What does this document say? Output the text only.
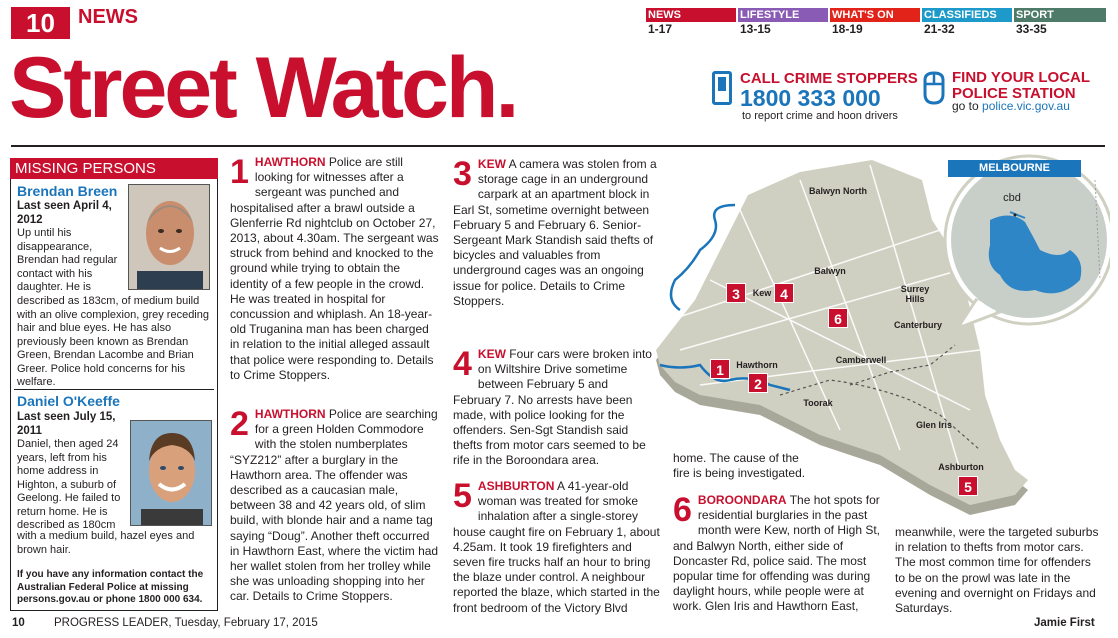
10	NEWS	NEWS
1-17
LIFESTYLE
13-15
WHAT'S ON
18-19
CLASSIFIEDS
21-32
SPORT
33-35
Street Watch.	CALL CRIME STOPPERS
1800 333 000
to report crime and hoon drivers
FIND YOUR LOCAL
POLICE STATION
go to police.vic.gov.au
MISSING PERSONS
Brendan Breen
Last seen April 4,
2012
Up until his
disappearance,
Brendan had regular
contact with his
daughter. He is
described as 183cm, of medium build with an olive complexion, grey receding hair and blue eyes. He has also previously been known as Brendan Green, Brendan Lacombe and Brian Greer. Police hold concerns for his welfare.
Daniel O'Keeffe
Last seen July 15,
2011
Daniel, then aged 24
years, left from his
home address in
Highton, a suburb of
Geelong. He failed to
return home. He is
described as 180cm
with a medium build, hazel eyes and brown hair.
If you have any information contact the Australian Federal Police at missing persons.gov.au or phone 1800 000 634.
1 HAWTHORN Police are still looking for witnesses after a sergeant was punched and hospitalised after a brawl outside a Glenferrie Rd nightclub on October 27, 2013, about 4.30am. The sergeant was struck from behind and knocked to the ground while trying to obtain the identity of a few people in the crowd. He was treated in hospital for concussion and whiplash. An 18-year-old Truganina man has been charged in relation to the initial alleged assault that police were responding to. Details to Crime Stoppers.
2 HAWTHORN Police are searching for a green Holden Commodore with the stolen numberplates “SYZ212” after a burglary in the Hawthorn area. The offender was described as a caucasian male, between 38 and 42 years old, of slim build, with blonde hair and a name tag saying “Doug”. Another theft occurred in Hawthorn East, where the victim had her wallet stolen from her trolley while she was unloading shopping into her car. Details to Crime Stoppers.
3 KEW A camera was stolen from a storage cage in an underground carpark at an apartment block in Earl St, sometime overnight between February 5 and February 6. Senior-Sergeant Mark Standish said thefts of bicycles and valuables from underground cages was an ongoing issue for police. Details to Crime Stoppers.
4 KEW Four cars were broken into on Wiltshire Drive sometime between February 5 and February 7. No arrests have been made, with police looking for the offenders. Sen-Sgt Standish said thefts from motor cars seemed to be rife in the Boroondara area.
5 ASHBURTON A 41-year-old woman was treated for smoke inhalation after a single-storey house caught fire on February 1, about 4.25am. It took 19 firefighters and seven fire trucks half an hour to bring the blaze under control. A neighbour reported the blaze, which started in the front bedroom of the Victory Blvd
home. The cause of the fire is being investigated.
6 BOROONDARA The hot spots for residential burglaries in the past month were Kew, north of High St, and Balwyn North, either side of Doncaster Rd, police said. The most popular time for offending was during daylight hours, while people were at work. Glen Iris and Hawthorn East,
meanwhile, were the targeted suburbs in relation to thefts from motor cars. The most common time for offenders to be on the prowl was late in the evening and overnight on Fridays and Saturdays.
Balwyn North
Kew
Balwyn
Surrey Hills
Canterbury
Camberwell
Hawthorn
Toorak
Glen Iris
Ashburton
1
2
3	4
5
6
cbd
MELBOURNE
10	PROGRESS LEADER, Tuesday, February 17, 2015	Jamie First
